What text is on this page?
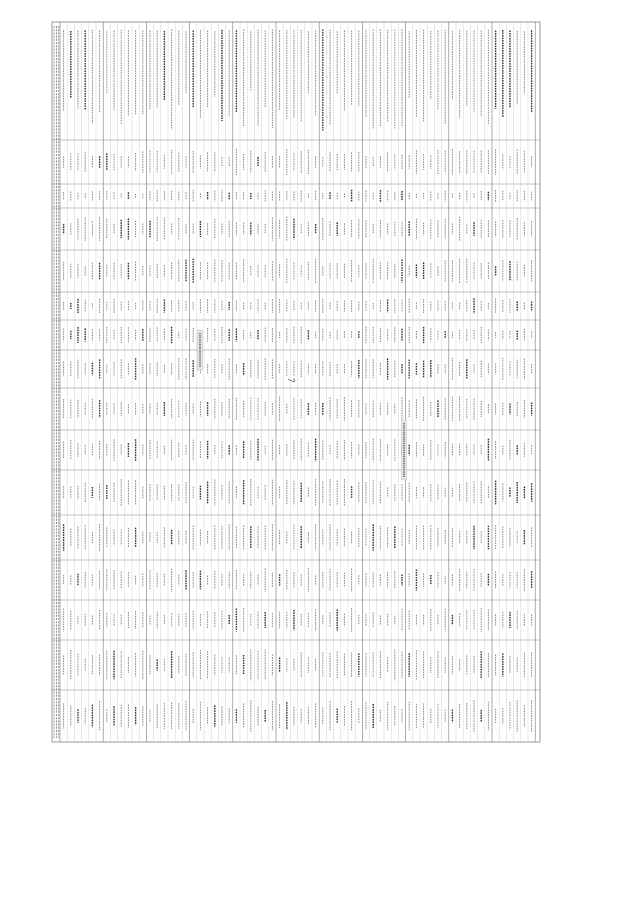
7
